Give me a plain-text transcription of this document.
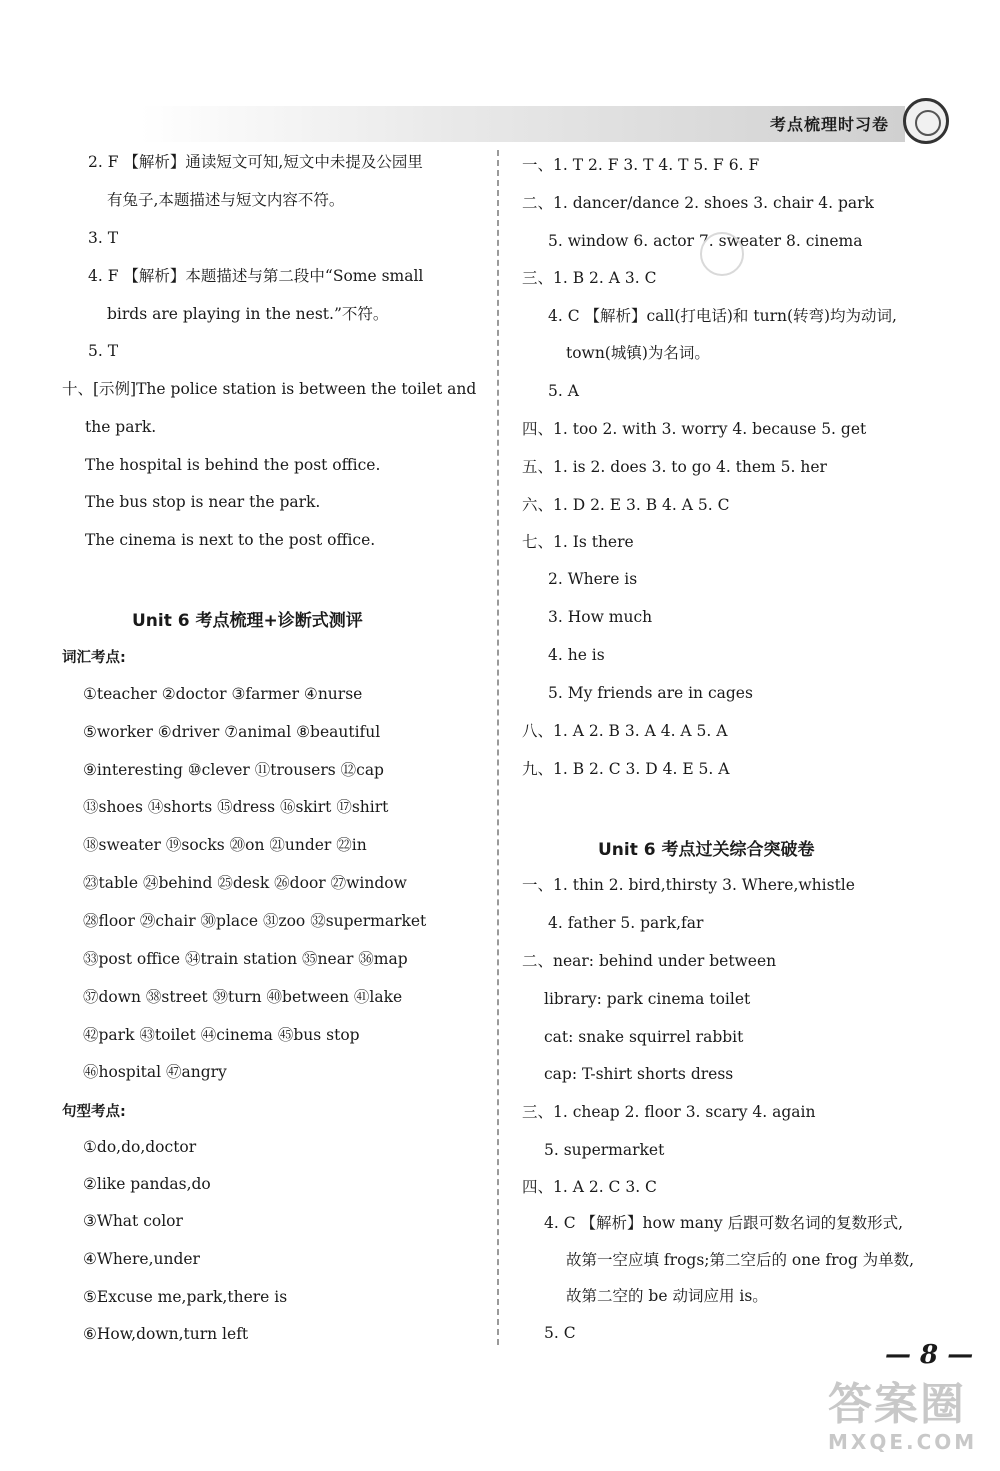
考点梳理时习卷
2. F 【解析】通读短文可知,短文中未提及公园里
有兔子,本题描述与短文内容不符。
3. T
4. F 【解析】本题描述与第二段中“Some small
birds are playing in the nest.”不符。
5. T
十、[示例]The police station is between the toilet and
the park.
The hospital is behind the post office.
The bus stop is near the park.
The cinema is next to the post office.
Unit 6 考点梳理+诊断式测评
词汇考点:
①teacher ②doctor ③farmer ④nurse
⑤worker ⑥driver ⑦animal ⑧beautiful
⑨interesting ⑩clever ⑪trousers ⑫cap
⑬shoes ⑭shorts ⑮dress ⑯skirt ⑰shirt
⑱sweater ⑲socks ⑳on ㉑under ㉒in
㉓table ㉔behind ㉕desk ㉖door ㉗window
㉘floor ㉙chair ㉚place ㉛zoo ㉜supermarket
㉝post office ㉞train station ㉟near ㊱map
㊲down ㊳street ㊴turn ㊵between ㊶lake
㊷park ㊸toilet ㊹cinema ㊺bus stop
㊻hospital ㊼angry
句型考点:
①do,do,doctor
②like pandas,do
③What color
④Where,under
⑤Excuse me,park,there is
⑥How,down,turn left
一、1. T 2. F 3. T 4. T 5. F 6. F
二、1. dancer/dance 2. shoes 3. chair 4. park
5. window 6. actor 7. sweater 8. cinema
三、1. B 2. A 3. C
4. C 【解析】call(打电话)和 turn(转弯)均为动词,
town(城镇)为名词。
5. A
四、1. too 2. with 3. worry 4. because 5. get
五、1. is 2. does 3. to go 4. them 5. her
六、1. D 2. E 3. B 4. A 5. C
七、1. Is there
2. Where is
3. How much
4. he is
5. My friends are in cages
八、1. A 2. B 3. A 4. A 5. A
九、1. B 2. C 3. D 4. E 5. A
Unit 6 考点过关综合突破卷
一、1. thin 2. bird,thirsty 3. Where,whistle
4. father 5. park,far
二、near: behind under between
library: park cinema toilet
cat: snake squirrel rabbit
cap: T-shirt shorts dress
三、1. cheap 2. floor 3. scary 4. again
5. supermarket
四、1. A 2. C 3. C
4. C 【解析】how many 后跟可数名词的复数形式,
故第一空应填 frogs;第二空后的 one frog 为单数,
故第二空的 be 动词应用 is。
5. C
— 8 —
答案圈
MXQE.COM
